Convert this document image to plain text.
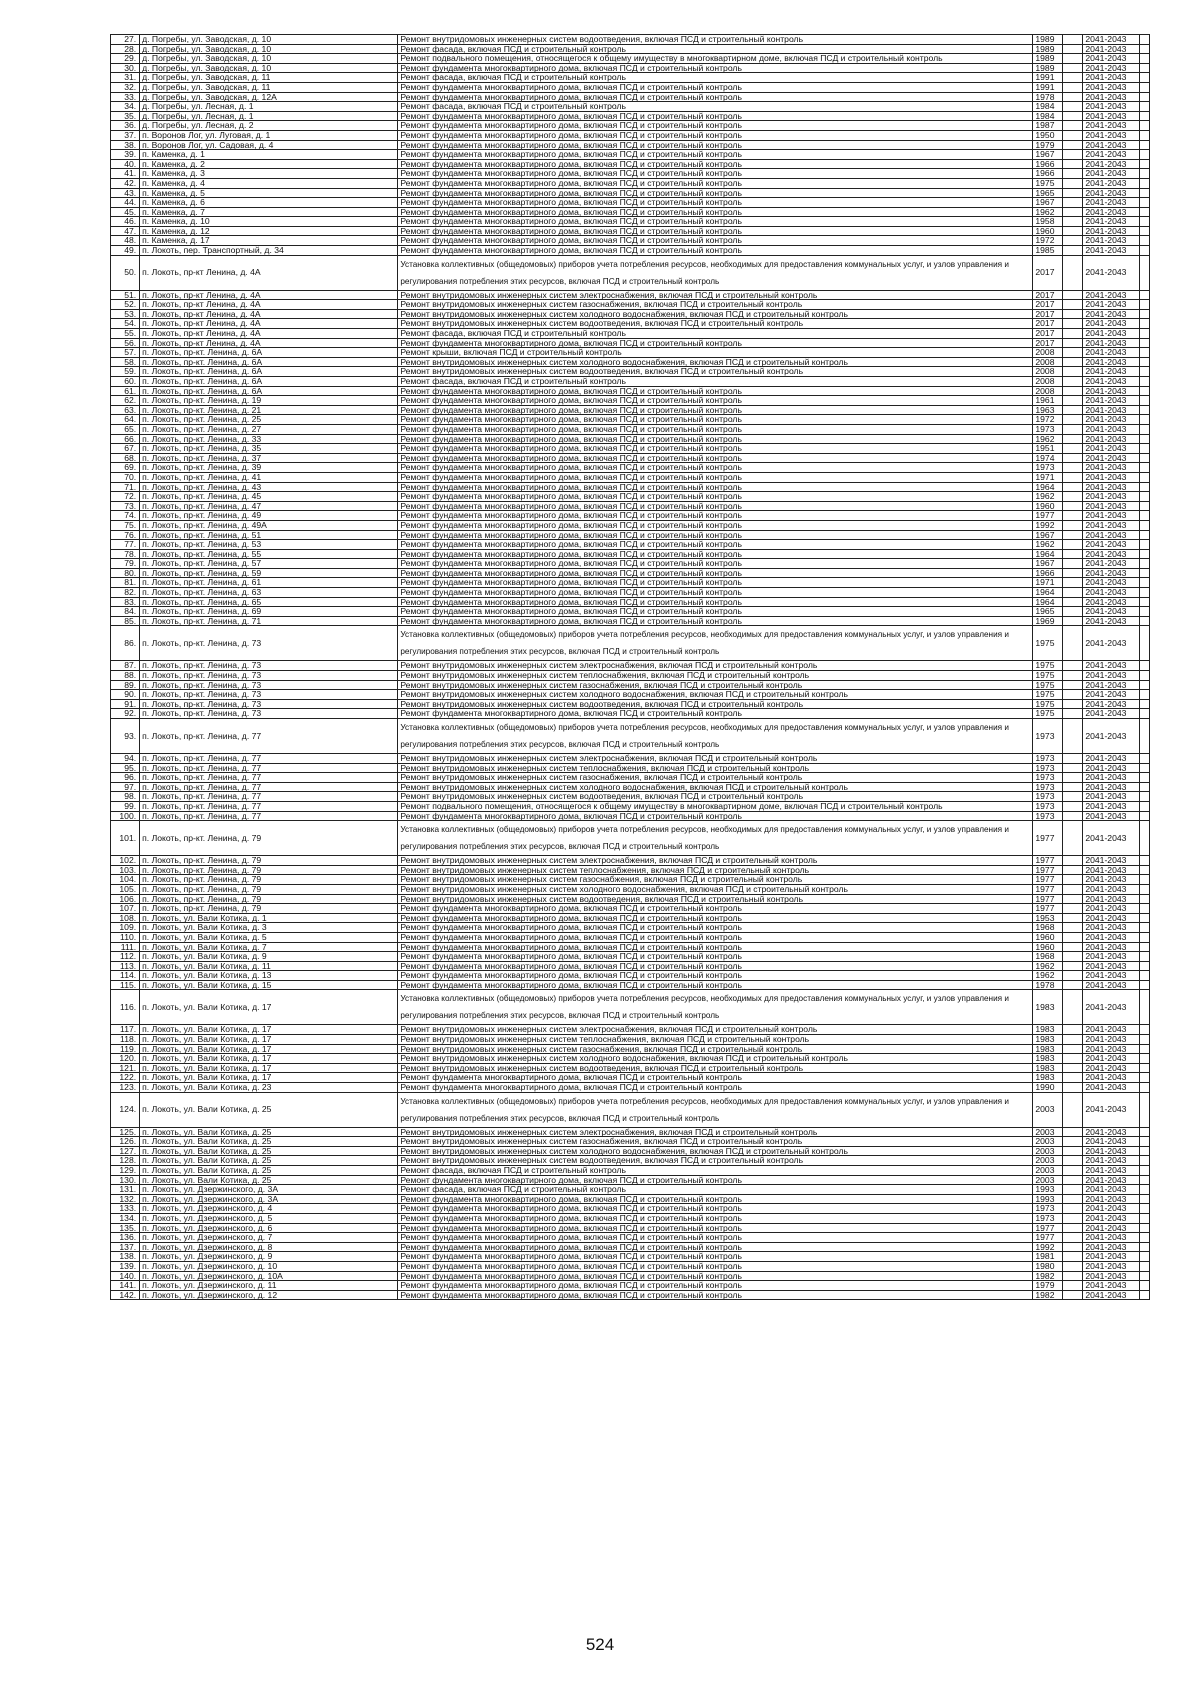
27.	д. Погребы, ул. Заводская, д. 10	Ремонт внутридомовых инженерных систем водоотведения, включая ПСД и строительный контроль	1989		2041-2043	
28.	д. Погребы, ул. Заводская, д. 10	Ремонт фасада, включая ПСД и строительный контроль	1989		2041-2043	
29.	д. Погребы, ул. Заводская, д. 10	Ремонт подвального помещения, относящегося к общему имуществу в многоквартирном доме, включая ПСД и строительный контроль	1989		2041-2043	
30.	д. Погребы, ул. Заводская, д. 10	Ремонт фундамента многоквартирного дома, включая ПСД и строительный контроль	1989		2041-2043	
31.	д. Погребы, ул. Заводская, д. 11	Ремонт фасада, включая ПСД и строительный контроль	1991		2041-2043	
32.	д. Погребы, ул. Заводская, д. 11	Ремонт фундамента многоквартирного дома, включая ПСД и строительный контроль	1991		2041-2043	
33.	д. Погребы, ул. Заводская, д. 12А	Ремонт фундамента многоквартирного дома, включая ПСД и строительный контроль	1978		2041-2043	
34.	д. Погребы, ул. Лесная, д. 1	Ремонт фасада, включая ПСД и строительный контроль	1984		2041-2043	
35.	д. Погребы, ул. Лесная, д. 1	Ремонт фундамента многоквартирного дома, включая ПСД и строительный контроль	1984		2041-2043	
36.	д. Погребы, ул. Лесная, д. 2	Ремонт фундамента многоквартирного дома, включая ПСД и строительный контроль	1987		2041-2043	
37.	п. Воронов Лог, ул. Луговая, д. 1	Ремонт фундамента многоквартирного дома, включая ПСД и строительный контроль	1950		2041-2043	
38.	п. Воронов Лог, ул. Садовая, д. 4	Ремонт фундамента многоквартирного дома, включая ПСД и строительный контроль	1979		2041-2043	
39.	п. Каменка, д. 1	Ремонт фундамента многоквартирного дома, включая ПСД и строительный контроль	1967		2041-2043	
40.	п. Каменка, д. 2	Ремонт фундамента многоквартирного дома, включая ПСД и строительный контроль	1966		2041-2043	
41.	п. Каменка, д. 3	Ремонт фундамента многоквартирного дома, включая ПСД и строительный контроль	1966		2041-2043	
42.	п. Каменка, д. 4	Ремонт фундамента многоквартирного дома, включая ПСД и строительный контроль	1975		2041-2043	
43.	п. Каменка, д. 5	Ремонт фундамента многоквартирного дома, включая ПСД и строительный контроль	1965		2041-2043	
44.	п. Каменка, д. 6	Ремонт фундамента многоквартирного дома, включая ПСД и строительный контроль	1967		2041-2043	
45.	п. Каменка, д. 7	Ремонт фундамента многоквартирного дома, включая ПСД и строительный контроль	1962		2041-2043	
46.	п. Каменка, д. 10	Ремонт фундамента многоквартирного дома, включая ПСД и строительный контроль	1958		2041-2043	
47.	п. Каменка, д. 12	Ремонт фундамента многоквартирного дома, включая ПСД и строительный контроль	1960		2041-2043	
48.	п. Каменка, д. 17	Ремонт фундамента многоквартирного дома, включая ПСД и строительный контроль	1972		2041-2043	
49.	п. Локоть, пер. Транспортный, д. 34	Ремонт фундамента многоквартирного дома, включая ПСД и строительный контроль	1985		2041-2043	
50.	п. Локоть, пр-кт Ленина, д. 4А	Установка коллективных (общедомовых) приборов учета потребления ресурсов, необходимых для предоставления коммунальных услуг, и узлов управления и регулирования потребления этих ресурсов, включая ПСД и строительный контроль	2017		2041-2043	
51.	п. Локоть, пр-кт Ленина, д. 4А	Ремонт внутридомовых инженерных систем электроснабжения, включая ПСД и строительный контроль	2017		2041-2043	
52.	п. Локоть, пр-кт Ленина, д. 4А	Ремонт внутридомовых инженерных систем газоснабжения, включая ПСД и строительный контроль	2017		2041-2043	
53.	п. Локоть, пр-кт Ленина, д. 4А	Ремонт внутридомовых инженерных систем холодного водоснабжения, включая ПСД и строительный контроль	2017		2041-2043	
54.	п. Локоть, пр-кт Ленина, д. 4А	Ремонт внутридомовых инженерных систем водоотведения, включая ПСД и строительный контроль	2017		2041-2043	
55.	п. Локоть, пр-кт Ленина, д. 4А	Ремонт фасада, включая ПСД и строительный контроль	2017		2041-2043	
56.	п. Локоть, пр-кт Ленина, д. 4А	Ремонт фундамента многоквартирного дома, включая ПСД и строительный контроль	2017		2041-2043	
57.	п. Локоть, пр-кт. Ленина, д. 6А	Ремонт крыши, включая ПСД и строительный контроль	2008		2041-2043	
58.	п. Локоть, пр-кт. Ленина, д. 6А	Ремонт внутридомовых инженерных систем холодного водоснабжения, включая ПСД и строительный контроль	2008		2041-2043	
59.	п. Локоть, пр-кт. Ленина, д. 6А	Ремонт внутридомовых инженерных систем водоотведения, включая ПСД и строительный контроль	2008		2041-2043	
60.	п. Локоть, пр-кт. Ленина, д. 6А	Ремонт фасада, включая ПСД и строительный контроль	2008		2041-2043	
61.	п. Локоть, пр-кт. Ленина, д. 6А	Ремонт фундамента многоквартирного дома, включая ПСД и строительный контроль	2008		2041-2043	
62.	п. Локоть, пр-кт. Ленина, д. 19	Ремонт фундамента многоквартирного дома, включая ПСД и строительный контроль	1961		2041-2043	
63.	п. Локоть, пр-кт. Ленина, д. 21	Ремонт фундамента многоквартирного дома, включая ПСД и строительный контроль	1963		2041-2043	
64.	п. Локоть, пр-кт. Ленина, д. 25	Ремонт фундамента многоквартирного дома, включая ПСД и строительный контроль	1972		2041-2043	
65.	п. Локоть, пр-кт. Ленина, д. 27	Ремонт фундамента многоквартирного дома, включая ПСД и строительный контроль	1973		2041-2043	
66.	п. Локоть, пр-кт. Ленина, д. 33	Ремонт фундамента многоквартирного дома, включая ПСД и строительный контроль	1962		2041-2043	
67.	п. Локоть, пр-кт. Ленина, д. 35	Ремонт фундамента многоквартирного дома, включая ПСД и строительный контроль	1951		2041-2043	
68.	п. Локоть, пр-кт. Ленина, д. 37	Ремонт фундамента многоквартирного дома, включая ПСД и строительный контроль	1974		2041-2043	
69.	п. Локоть, пр-кт. Ленина, д. 39	Ремонт фундамента многоквартирного дома, включая ПСД и строительный контроль	1973		2041-2043	
70.	п. Локоть, пр-кт. Ленина, д. 41	Ремонт фундамента многоквартирного дома, включая ПСД и строительный контроль	1971		2041-2043	
71.	п. Локоть, пр-кт. Ленина, д. 43	Ремонт фундамента многоквартирного дома, включая ПСД и строительный контроль	1964		2041-2043	
72.	п. Локоть, пр-кт. Ленина, д. 45	Ремонт фундамента многоквартирного дома, включая ПСД и строительный контроль	1962		2041-2043	
73.	п. Локоть, пр-кт. Ленина, д. 47	Ремонт фундамента многоквартирного дома, включая ПСД и строительный контроль	1960		2041-2043	
74.	п. Локоть, пр-кт. Ленина, д. 49	Ремонт фундамента многоквартирного дома, включая ПСД и строительный контроль	1977		2041-2043	
75.	п. Локоть, пр-кт. Ленина, д. 49А	Ремонт фундамента многоквартирного дома, включая ПСД и строительный контроль	1992		2041-2043	
76.	п. Локоть, пр-кт. Ленина, д. 51	Ремонт фундамента многоквартирного дома, включая ПСД и строительный контроль	1967		2041-2043	
77.	п. Локоть, пр-кт. Ленина, д. 53	Ремонт фундамента многоквартирного дома, включая ПСД и строительный контроль	1962		2041-2043	
78.	п. Локоть, пр-кт. Ленина, д. 55	Ремонт фундамента многоквартирного дома, включая ПСД и строительный контроль	1964		2041-2043	
79.	п. Локоть, пр-кт. Ленина, д. 57	Ремонт фундамента многоквартирного дома, включая ПСД и строительный контроль	1967		2041-2043	
80.	п. Локоть, пр-кт. Ленина, д. 59	Ремонт фундамента многоквартирного дома, включая ПСД и строительный контроль	1966		2041-2043	
81.	п. Локоть, пр-кт. Ленина, д. 61	Ремонт фундамента многоквартирного дома, включая ПСД и строительный контроль	1971		2041-2043	
82.	п. Локоть, пр-кт. Ленина, д. 63	Ремонт фундамента многоквартирного дома, включая ПСД и строительный контроль	1964		2041-2043	
83.	п. Локоть, пр-кт. Ленина, д. 65	Ремонт фундамента многоквартирного дома, включая ПСД и строительный контроль	1964		2041-2043	
84.	п. Локоть, пр-кт. Ленина, д. 69	Ремонт фундамента многоквартирного дома, включая ПСД и строительный контроль	1965		2041-2043	
85.	п. Локоть, пр-кт. Ленина, д. 71	Ремонт фундамента многоквартирного дома, включая ПСД и строительный контроль	1969		2041-2043	
86.	п. Локоть, пр-кт. Ленина, д. 73	Установка коллективных (общедомовых) приборов учета потребления ресурсов, необходимых для предоставления коммунальных услуг, и узлов управления и регулирования потребления этих ресурсов, включая ПСД и строительный контроль	1975		2041-2043	
87.	п. Локоть, пр-кт. Ленина, д. 73	Ремонт внутридомовых инженерных систем электроснабжения, включая ПСД и строительный контроль	1975		2041-2043	
88.	п. Локоть, пр-кт. Ленина, д. 73	Ремонт внутридомовых инженерных систем теплоснабжения, включая ПСД и строительный контроль	1975		2041-2043	
89.	п. Локоть, пр-кт. Ленина, д. 73	Ремонт внутридомовых инженерных систем газоснабжения, включая ПСД и строительный контроль	1975		2041-2043	
90.	п. Локоть, пр-кт. Ленина, д. 73	Ремонт внутридомовых инженерных систем холодного водоснабжения, включая ПСД и строительный контроль	1975		2041-2043	
91.	п. Локоть, пр-кт. Ленина, д. 73	Ремонт внутридомовых инженерных систем водоотведения, включая ПСД и строительный контроль	1975		2041-2043	
92.	п. Локоть, пр-кт. Ленина, д. 73	Ремонт фундамента многоквартирного дома, включая ПСД и строительный контроль	1975		2041-2043	
93.	п. Локоть, пр-кт. Ленина, д. 77	Установка коллективных (общедомовых) приборов учета потребления ресурсов, необходимых для предоставления коммунальных услуг, и узлов управления и регулирования потребления этих ресурсов, включая ПСД и строительный контроль	1973		2041-2043	
94.	п. Локоть, пр-кт. Ленина, д. 77	Ремонт внутридомовых инженерных систем электроснабжения, включая ПСД и строительный контроль	1973		2041-2043	
95.	п. Локоть, пр-кт. Ленина, д. 77	Ремонт внутридомовых инженерных систем теплоснабжения, включая ПСД и строительный контроль	1973		2041-2043	
96.	п. Локоть, пр-кт. Ленина, д. 77	Ремонт внутридомовых инженерных систем газоснабжения, включая ПСД и строительный контроль	1973		2041-2043	
97.	п. Локоть, пр-кт. Ленина, д. 77	Ремонт внутридомовых инженерных систем холодного водоснабжения, включая ПСД и строительный контроль	1973		2041-2043	
98.	п. Локоть, пр-кт. Ленина, д. 77	Ремонт внутридомовых инженерных систем водоотведения, включая ПСД и строительный контроль	1973		2041-2043	
99.	п. Локоть, пр-кт. Ленина, д. 77	Ремонт подвального помещения, относящегося к общему имуществу в многоквартирном доме, включая ПСД и строительный контроль	1973		2041-2043	
100.	п. Локоть, пр-кт. Ленина, д. 77	Ремонт фундамента многоквартирного дома, включая ПСД и строительный контроль	1973		2041-2043	
101.	п. Локоть, пр-кт. Ленина, д. 79	Установка коллективных (общедомовых) приборов учета потребления ресурсов, необходимых для предоставления коммунальных услуг, и узлов управления и регулирования потребления этих ресурсов, включая ПСД и строительный контроль	1977		2041-2043	
102.	п. Локоть, пр-кт. Ленина, д. 79	Ремонт внутридомовых инженерных систем электроснабжения, включая ПСД и строительный контроль	1977		2041-2043	
103.	п. Локоть, пр-кт. Ленина, д. 79	Ремонт внутридомовых инженерных систем теплоснабжения, включая ПСД и строительный контроль	1977		2041-2043	
104.	п. Локоть, пр-кт. Ленина, д. 79	Ремонт внутридомовых инженерных систем газоснабжения, включая ПСД и строительный контроль	1977		2041-2043	
105.	п. Локоть, пр-кт. Ленина, д. 79	Ремонт внутридомовых инженерных систем холодного водоснабжения, включая ПСД и строительный контроль	1977		2041-2043	
106.	п. Локоть, пр-кт. Ленина, д. 79	Ремонт внутридомовых инженерных систем водоотведения, включая ПСД и строительный контроль	1977		2041-2043	
107.	п. Локоть, пр-кт. Ленина, д. 79	Ремонт фундамента многоквартирного дома, включая ПСД и строительный контроль	1977		2041-2043	
108.	п. Локоть, ул. Вали Котика, д. 1	Ремонт фундамента многоквартирного дома, включая ПСД и строительный контроль	1953		2041-2043	
109.	п. Локоть, ул. Вали Котика, д. 3	Ремонт фундамента многоквартирного дома, включая ПСД и строительный контроль	1968		2041-2043	
110.	п. Локоть, ул. Вали Котика, д. 5	Ремонт фундамента многоквартирного дома, включая ПСД и строительный контроль	1960		2041-2043	
111.	п. Локоть, ул. Вали Котика, д. 7	Ремонт фундамента многоквартирного дома, включая ПСД и строительный контроль	1960		2041-2043	
112.	п. Локоть, ул. Вали Котика, д. 9	Ремонт фундамента многоквартирного дома, включая ПСД и строительный контроль	1968		2041-2043	
113.	п. Локоть, ул. Вали Котика, д. 11	Ремонт фундамента многоквартирного дома, включая ПСД и строительный контроль	1962		2041-2043	
114.	п. Локоть, ул. Вали Котика, д. 13	Ремонт фундамента многоквартирного дома, включая ПСД и строительный контроль	1962		2041-2043	
115.	п. Локоть, ул. Вали Котика, д. 15	Ремонт фундамента многоквартирного дома, включая ПСД и строительный контроль	1978		2041-2043	
116.	п. Локоть, ул. Вали Котика, д. 17	Установка коллективных (общедомовых) приборов учета потребления ресурсов, необходимых для предоставления коммунальных услуг, и узлов управления и регулирования потребления этих ресурсов, включая ПСД и строительный контроль	1983		2041-2043	
117.	п. Локоть, ул. Вали Котика, д. 17	Ремонт внутридомовых инженерных систем электроснабжения, включая ПСД и строительный контроль	1983		2041-2043	
118.	п. Локоть, ул. Вали Котика, д. 17	Ремонт внутридомовых инженерных систем теплоснабжения, включая ПСД и строительный контроль	1983		2041-2043	
119.	п. Локоть, ул. Вали Котика, д. 17	Ремонт внутридомовых инженерных систем газоснабжения, включая ПСД и строительный контроль	1983		2041-2043	
120.	п. Локоть, ул. Вали Котика, д. 17	Ремонт внутридомовых инженерных систем холодного водоснабжения, включая ПСД и строительный контроль	1983		2041-2043	
121.	п. Локоть, ул. Вали Котика, д. 17	Ремонт внутридомовых инженерных систем водоотведения, включая ПСД и строительный контроль	1983		2041-2043	
122.	п. Локоть, ул. Вали Котика, д. 17	Ремонт фундамента многоквартирного дома, включая ПСД и строительный контроль	1983		2041-2043	
123.	п. Локоть, ул. Вали Котика, д. 23	Ремонт фундамента многоквартирного дома, включая ПСД и строительный контроль	1990		2041-2043	
124.	п. Локоть, ул. Вали Котика, д. 25	Установка коллективных (общедомовых) приборов учета потребления ресурсов, необходимых для предоставления коммунальных услуг, и узлов управления и регулирования потребления этих ресурсов, включая ПСД и строительный контроль	2003		2041-2043	
125.	п. Локоть, ул. Вали Котика, д. 25	Ремонт внутридомовых инженерных систем электроснабжения, включая ПСД и строительный контроль	2003		2041-2043	
126.	п. Локоть, ул. Вали Котика, д. 25	Ремонт внутридомовых инженерных систем газоснабжения, включая ПСД и строительный контроль	2003		2041-2043	
127.	п. Локоть, ул. Вали Котика, д. 25	Ремонт внутридомовых инженерных систем холодного водоснабжения, включая ПСД и строительный контроль	2003		2041-2043	
128.	п. Локоть, ул. Вали Котика, д. 25	Ремонт внутридомовых инженерных систем водоотведения, включая ПСД и строительный контроль	2003		2041-2043	
129.	п. Локоть, ул. Вали Котика, д. 25	Ремонт фасада, включая ПСД и строительный контроль	2003		2041-2043	
130.	п. Локоть, ул. Вали Котика, д. 25	Ремонт фундамента многоквартирного дома, включая ПСД и строительный контроль	2003		2041-2043	
131.	п. Локоть, ул. Дзержинского, д. 3А	Ремонт фасада, включая ПСД и строительный контроль	1993		2041-2043	
132.	п. Локоть, ул. Дзержинского, д. 3А	Ремонт фундамента многоквартирного дома, включая ПСД и строительный контроль	1993		2041-2043	
133.	п. Локоть, ул. Дзержинского, д. 4	Ремонт фундамента многоквартирного дома, включая ПСД и строительный контроль	1973		2041-2043	
134.	п. Локоть, ул. Дзержинского, д. 5	Ремонт фундамента многоквартирного дома, включая ПСД и строительный контроль	1973		2041-2043	
135.	п. Локоть, ул. Дзержинского, д. 6	Ремонт фундамента многоквартирного дома, включая ПСД и строительный контроль	1977		2041-2043	
136.	п. Локоть, ул. Дзержинского, д. 7	Ремонт фундамента многоквартирного дома, включая ПСД и строительный контроль	1977		2041-2043	
137.	п. Локоть, ул. Дзержинского, д. 8	Ремонт фундамента многоквартирного дома, включая ПСД и строительный контроль	1992		2041-2043	
138.	п. Локоть, ул. Дзержинского, д. 9	Ремонт фундамента многоквартирного дома, включая ПСД и строительный контроль	1981		2041-2043	
139.	п. Локоть, ул. Дзержинского, д. 10	Ремонт фундамента многоквартирного дома, включая ПСД и строительный контроль	1980		2041-2043	
140.	п. Локоть, ул. Дзержинского, д. 10А	Ремонт фундамента многоквартирного дома, включая ПСД и строительный контроль	1982		2041-2043	
141.	п. Локоть, ул. Дзержинского, д. 11	Ремонт фундамента многоквартирного дома, включая ПСД и строительный контроль	1979		2041-2043	
142.	п. Локоть, ул. Дзержинского, д. 12	Ремонт фундамента многоквартирного дома, включая ПСД и строительный контроль	1982		2041-2043	
524
